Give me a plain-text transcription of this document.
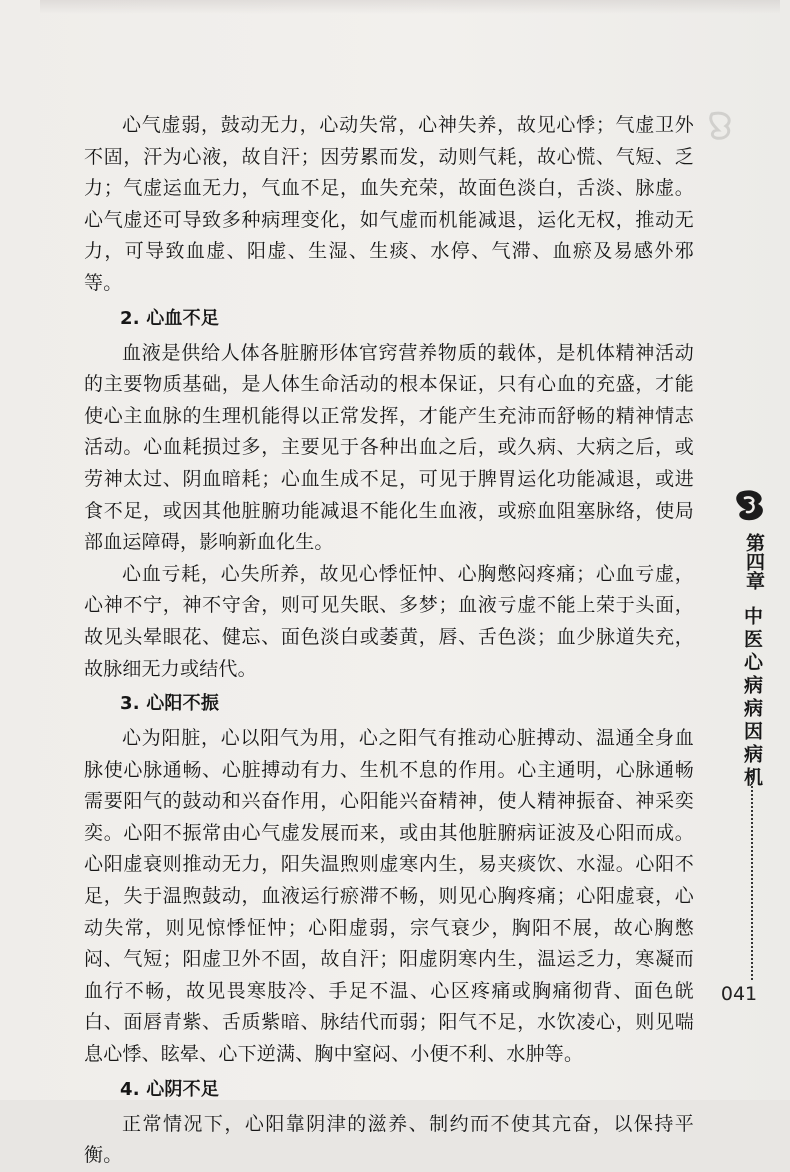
心气虚弱，鼓动无力，心动失常，心神失养，故见心悸；气虚卫外不固，汗为心液，故自汗；因劳累而发，动则气耗，故心慌、气短、乏力；气虚运血无力，气血不足，血失充荣，故面色淡白，舌淡、脉虚。心气虚还可导致多种病理变化，如气虚而机能减退，运化无权，推动无力，可导致血虚、阳虚、生湿、生痰、水停、气滞、血瘀及易感外邪等。

2. 心血不足

血液是供给人体各脏腑形体官窍营养物质的载体，是机体精神活动的主要物质基础，是人体生命活动的根本保证，只有心血的充盛，才能使心主血脉的生理机能得以正常发挥，才能产生充沛而舒畅的精神情志活动。心血耗损过多，主要见于各种出血之后，或久病、大病之后，或劳神太过、阴血暗耗；心血生成不足，可见于脾胃运化功能减退，或进食不足，或因其他脏腑功能减退不能化生血液，或瘀血阻塞脉络，使局部血运障碍，影响新血化生。

心血亏耗，心失所养，故见心悸怔忡、心胸憋闷疼痛；心血亏虚，心神不宁，神不守舍，则可见失眠、多梦；血液亏虚不能上荣于头面，故见头晕眼花、健忘、面色淡白或萎黄，唇、舌色淡；血少脉道失充，故脉细无力或结代。

3. 心阳不振

心为阳脏，心以阳气为用，心之阳气有推动心脏搏动、温通全身血脉使心脉通畅、心脏搏动有力、生机不息的作用。心主通明，心脉通畅需要阳气的鼓动和兴奋作用，心阳能兴奋精神，使人精神振奋、神采奕奕。心阳不振常由心气虚发展而来，或由其他脏腑病证波及心阳而成。心阳虚衰则推动无力，阳失温煦则虚寒内生，易夹痰饮、水湿。心阳不足，失于温煦鼓动，血液运行瘀滞不畅，则见心胸疼痛；心阳虚衰，心动失常，则见惊悸怔忡；心阳虚弱，宗气衰少，胸阳不展，故心胸憋闷、气短；阳虚卫外不固，故自汗；阳虚阴寒内生，温运乏力，寒凝而血行不畅，故见畏寒肢冷、手足不温、心区疼痛或胸痛彻背、面色㿠白、面唇青紫、舌质紫暗、脉结代而弱；阳气不足，水饮凌心，则见喘息心悸、眩晕、心下逆满、胸中窒闷、小便不利、水肿等。

4. 心阴不足

正常情况下，心阳靠阴津的滋养、制约而不使其亢奋，以保持平衡。

第四章
中医心病病因病机
041
